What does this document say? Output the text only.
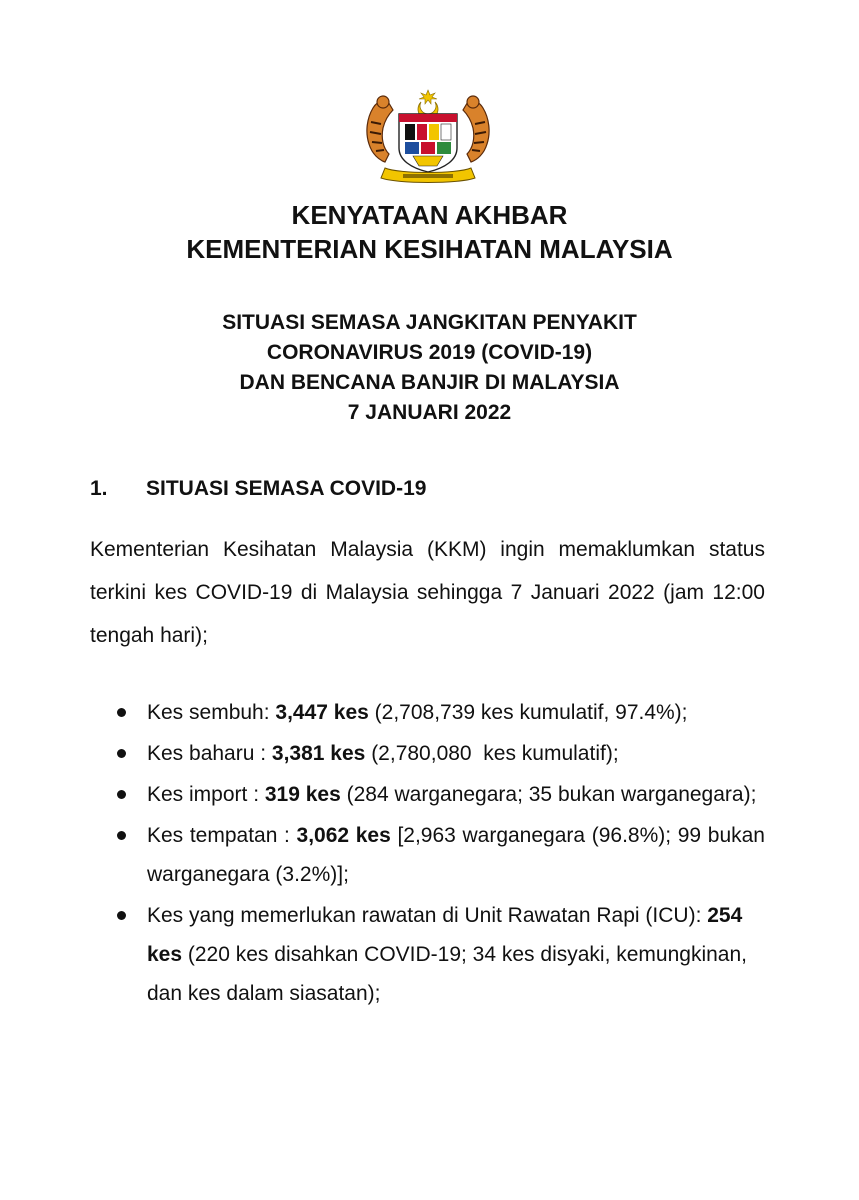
KENYATAAN AKHBAR
KEMENTERIAN KESIHATAN MALAYSIA
SITUASI SEMASA JANGKITAN PENYAKIT
CORONAVIRUS 2019 (COVID-19)
DAN BENCANA BANJIR DI MALAYSIA
7 JANUARI 2022
1. SITUASI SEMASA COVID-19
Kementerian Kesihatan Malaysia (KKM) ingin memaklumkan status terkini kes COVID-19 di Malaysia sehingga 7 Januari 2022 (jam 12:00 tengah hari);
Kes sembuh: 3,447 kes (2,708,739 kes kumulatif, 97.4%);
Kes baharu : 3,381 kes (2,780,080  kes kumulatif);
Kes import : 319 kes (284 warganegara; 35 bukan warganegara);
Kes tempatan : 3,062 kes [2,963 warganegara (96.8%); 99 bukan warganegara (3.2%)];
Kes yang memerlukan rawatan di Unit Rawatan Rapi (ICU): 254 kes (220 kes disahkan COVID-19; 34 kes disyaki, kemungkinan, dan kes dalam siasatan);
